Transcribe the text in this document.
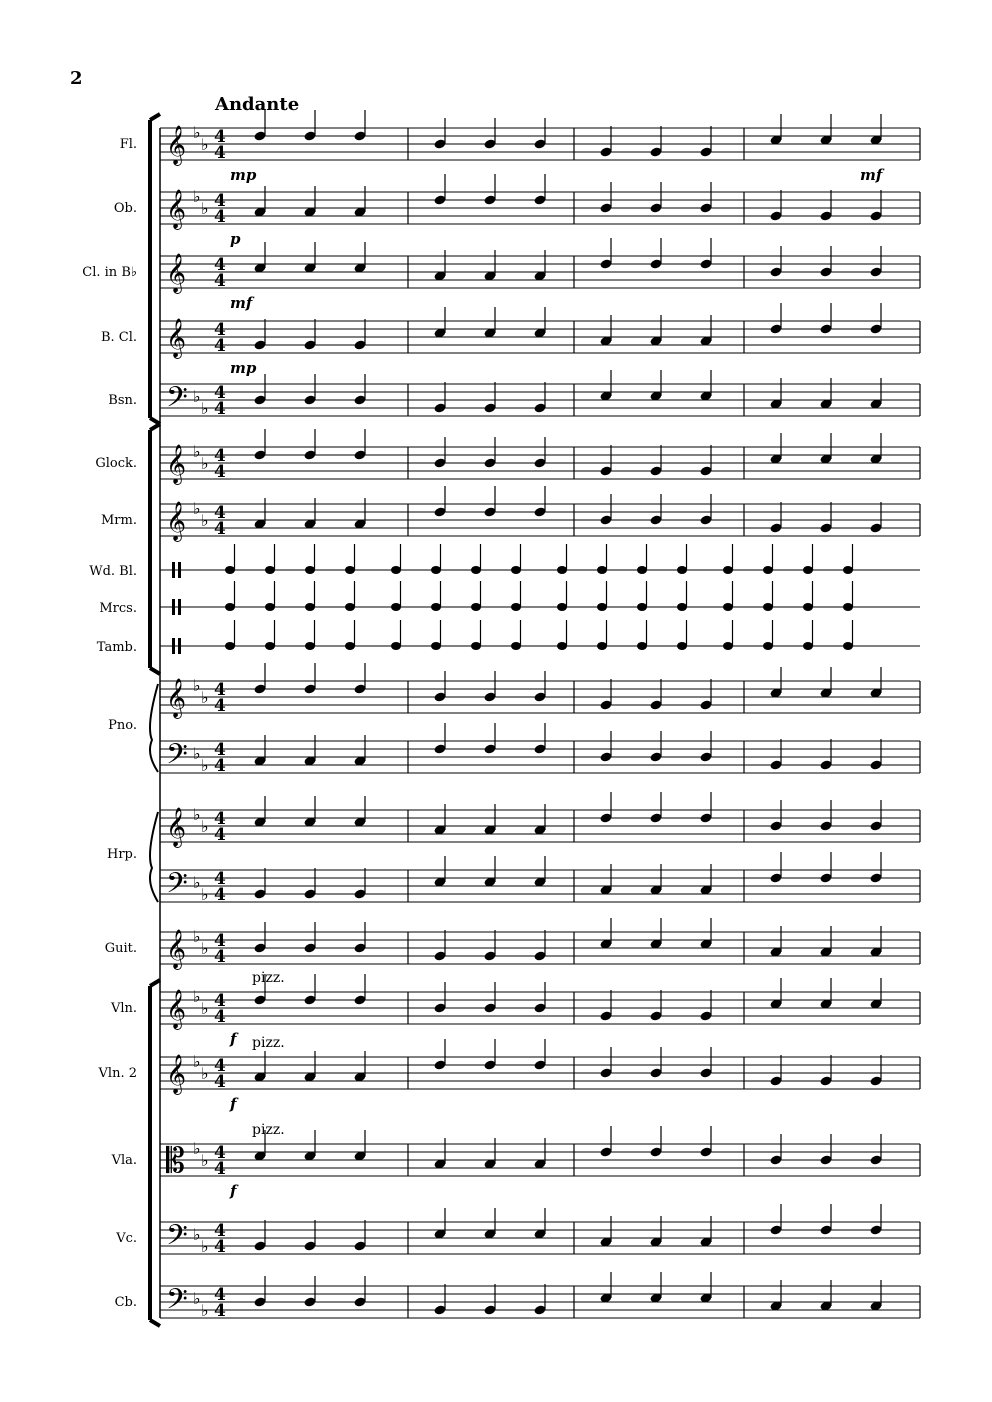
2
Andante
𝄞 ♭
♭ 4
4
Fl.
mp	mf
𝄞 ♭
♭ 4
4
Ob.
p
𝄞 4
4
Cl. in B♭
mf
𝄞 4
4
B. Cl.
mp
𝄢 ♭
♭
4
4
Bsn.
𝄞 ♭
♭ 4
4
Glock.
𝄞 ♭
♭ 4
4
Mrm.
Wd. Bl.
Mrcs.
Tamb.
𝄞 ♭
♭ 4
4
Pno.
𝄢 ♭
♭
4
4
𝄞 ♭
♭ 4
4
Hrp.
𝄢 ♭
♭
4
4
𝄞 ♭
♭ 4
4
Guit.
𝄞 ♭
♭ 4
4
Vln.
f
pizz.
𝄞 ♭
♭ 4
4
Vln. 2
f
pizz.
𝄡 ♭
♭ 4
4
Vla.
f
pizz.
𝄢 ♭
♭
4
4
Vc.
𝄢 ♭
♭
4
4
Cb.
